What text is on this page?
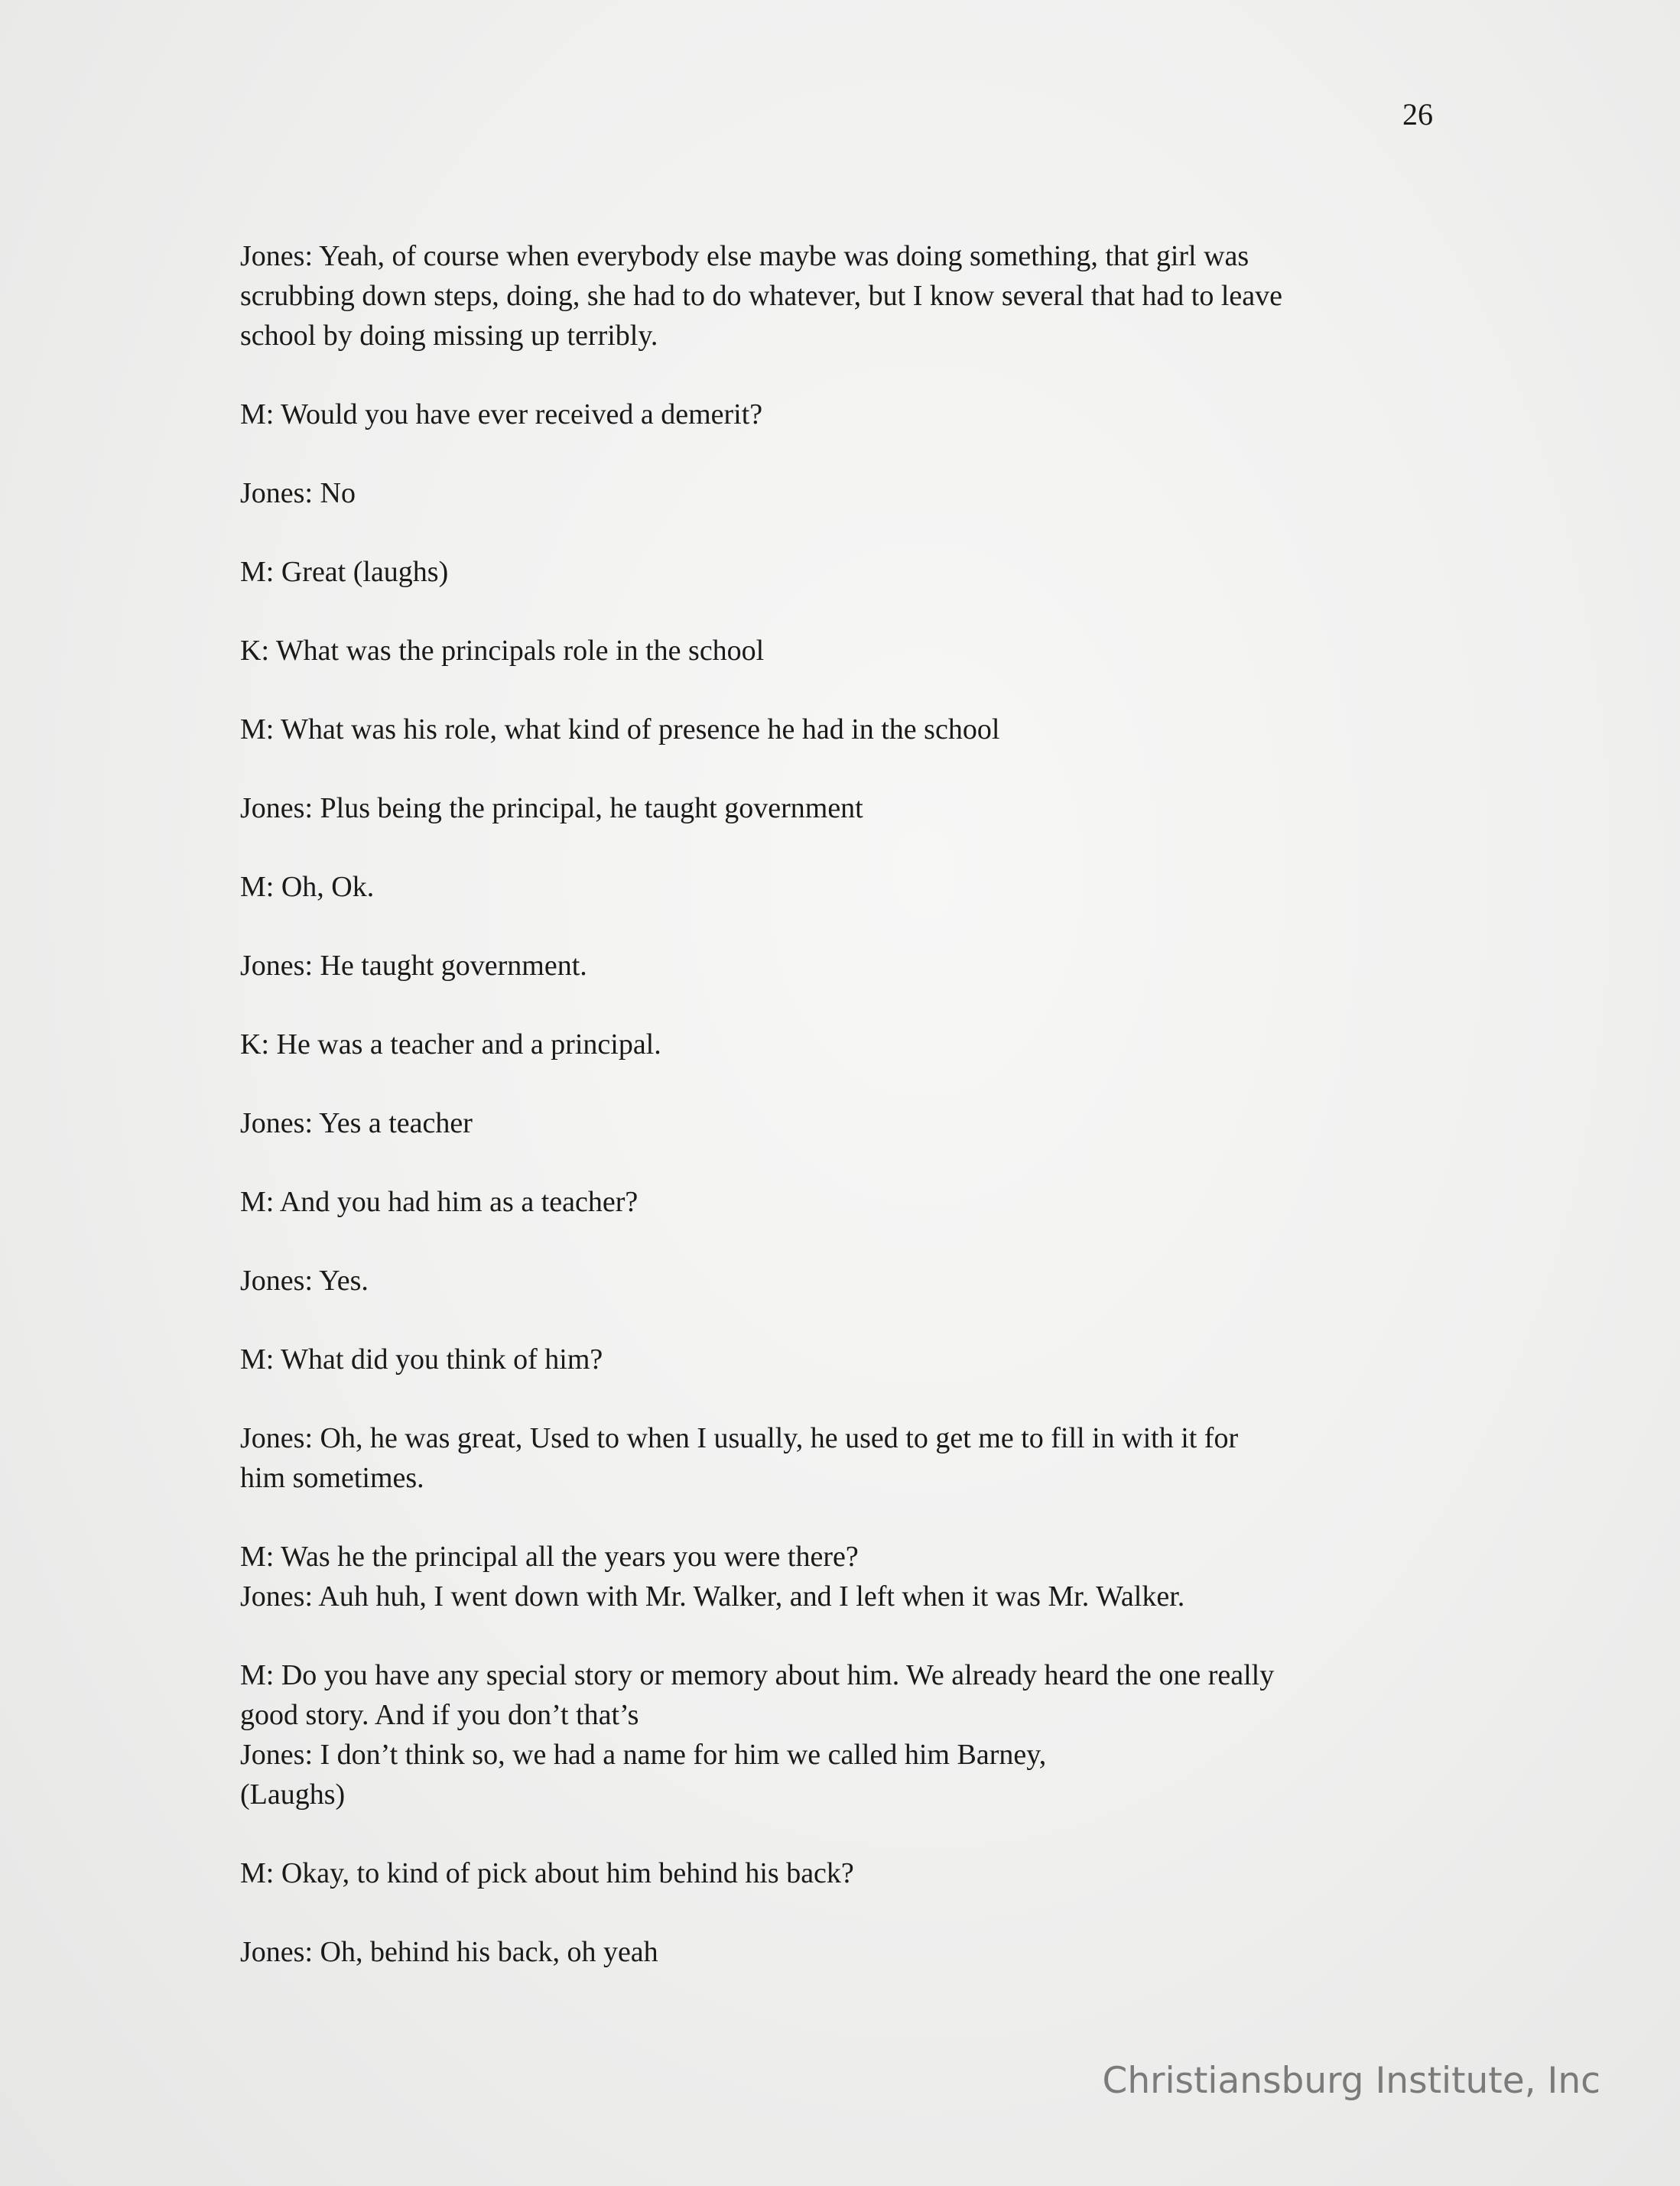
26
Jones: Yeah, of course when everybody else maybe was doing something, that girl was
scrubbing down steps, doing, she had to do whatever, but I know several that had to leave
school by doing missing up terribly.
M: Would you have ever received a demerit?
Jones: No
M: Great (laughs)
K: What was the principals role in the school
M: What was his role, what kind of presence he had in the school
Jones: Plus being the principal, he taught government
M: Oh, Ok.
Jones: He taught government.
K: He was a teacher and a principal.
Jones: Yes a teacher
M: And you had him as a teacher?
Jones: Yes.
M: What did you think of him?
Jones: Oh, he was great, Used to when I usually, he used to get me to fill in with it for
him sometimes.
M: Was he the principal all the years you were there?
Jones: Auh huh, I went down with Mr. Walker, and I left when it was Mr. Walker.
M: Do you have any special story or memory about him. We already heard the one really
good story. And if you don’t that’s
Jones: I don’t think so, we had a name for him we called him Barney,
(Laughs)
M: Okay, to kind of pick about him behind his back?
Jones: Oh, behind his back, oh yeah
Christiansburg Institute, Inc
